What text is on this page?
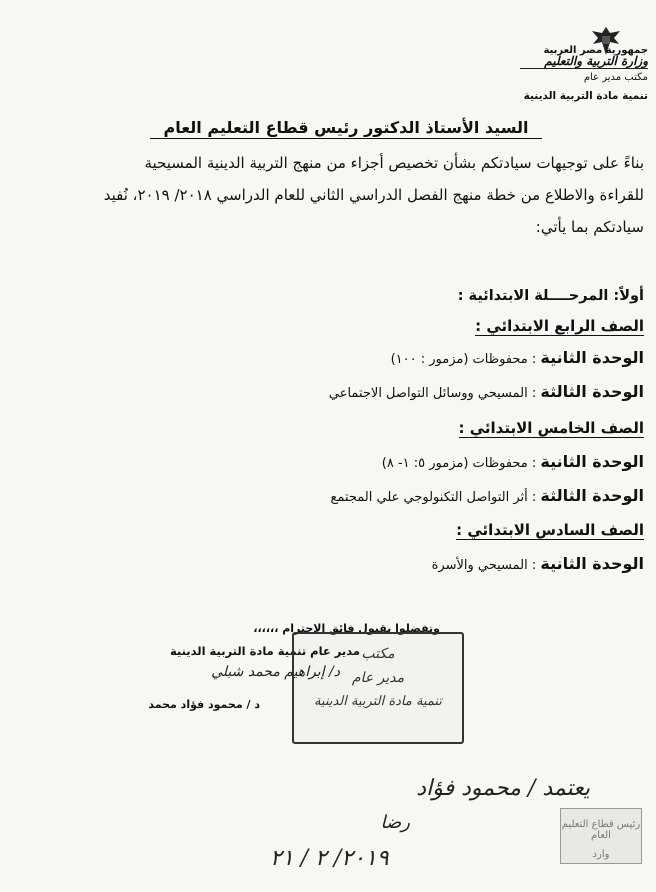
جمهورية مصر العربية
وزارة التربية والتعليم
مكتب مدير عام
تنمية مادة التربية الدينية
السيد الأستاذ الدكتور رئيس قطاع التعليم العام
بناءً على توجيهات سيادتكم بشأن تخصيص أجزاء من منهج التربية الدينية المسيحية
للقراءة والاطلاع من خطة منهج الفصل الدراسي الثاني للعام الدراسي ٢٠١٨/ ٢٠١٩، نُفيد
سيادتكم بما يأتي:
أولاً: المرحــــلة الابتدائية :
الصف الرابع الابتدائي :
الوحدة الثانية : محفوظات (مزمور : ١٠٠)
الوحدة الثالثة : المسيحي ووسائل التواصل الاجتماعي
الصف الخامس الابتدائي :
الوحدة الثانية : محفوظات (مزمور ٥: ١- ٨)
الوحدة الثالثة : أثر التواصل التكنولوجي علي المجتمع
الصف السادس الابتدائي :
الوحدة الثانية : المسيحي والأسرة
وتفضلوا بقبول فائق الاحترام ،،،،،،
مدير عام تنمية مادة التربية الدينية
د/ إبراهيم محمد شبلي
د / محمود فؤاد محمد
مكتب
مدير عام
تنمية مادة التربية الدينية
يعتمد / محمود فؤاد
رضا
٢٠١٩/ ٢ / ٢١
رئيس قطاع التعليم العام
وارد
